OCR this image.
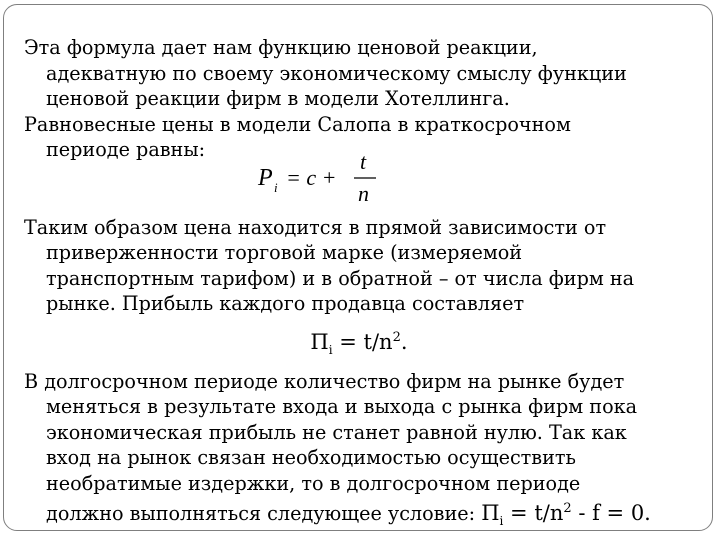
Эта формула дает нам функцию ценовой реакции,
адекватную по своему экономическому смыслу функции
ценовой реакции фирм в модели Хотеллинга.

Равновесные цены в модели Салопа в краткосрочном
периоде равны:

P i = c +
t
n

Таким образом цена находится в прямой зависимости от
приверженности торговой марке (измеряемой
транспортным тарифом) и в обратной – от числа фирм на
рынке. Прибыль каждого продавца составляет

$П_i = t/n^2$.

В долгосрочном периоде количество фирм на рынке будет
меняться в результате входа и выхода с рынка фирм пока
экономическая прибыль не станет равной нулю. Так как
вход на рынок связан необходимостью осуществить
необратимые издержки, то в долгосрочном периоде
должно выполняться следующее условие: $П_i = t/n^2 - f = 0$.
